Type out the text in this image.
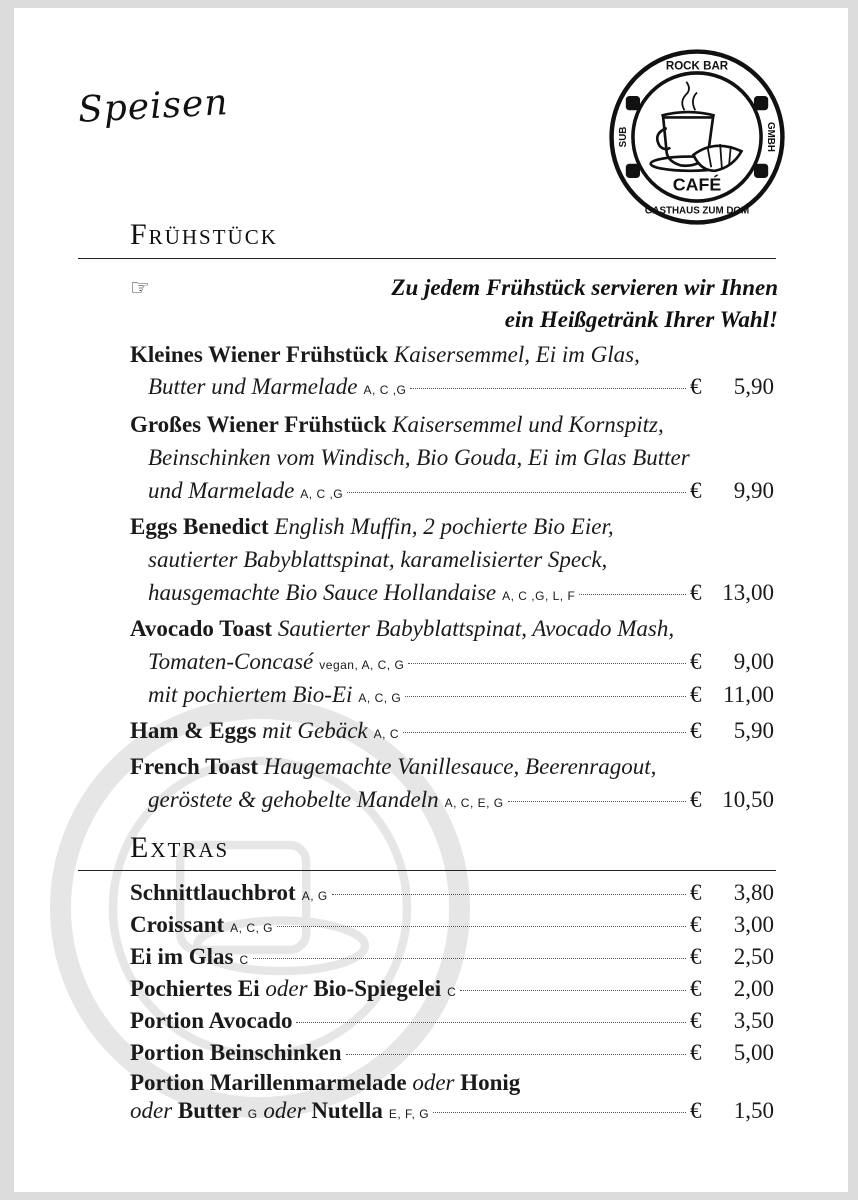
Speisen
ROCK BAR
SUB	GMBH
CAFÉ
GASTHAUS ZUM DOM
Frühstück
☞	Zu jedem Frühstück servieren wir Ihnen
ein Heißgetränk Ihrer Wahl!
Kleines Wiener Frühstück
Kaisersemmel, Ei im Glas,
Butter und Marmelade A, C ,G	€ 5,90
Großes Wiener Frühstück
Kaisersemmel und Kornspitz,
Beinschinken vom Windisch, Bio Gouda, Ei im Glas Butter
und Marmelade A, C ,G	€ 9,90
Eggs Benedict
English Muffin, 2 pochierte Bio Eier,
sautierter Babyblattspinat, karamelisierter Speck,
hausgemachte Bio Sauce Hollandaise A, C ,G, L, F	€ 13,00
Avocado Toast
Sautierter Babyblattspinat, Avocado Mash,
Tomaten-Concasé vegan, A, C, G	€ 9,00
mit pochiertem Bio-Ei A, C, G	€ 11,00
Ham & Eggs
mit Gebäck A, C	€ 5,90
French Toast
Haugemachte Vanillesauce, Beerenragout,
geröstete & gehobelte Mandeln A, C, E, G	€ 10,50
Extras
Schnittlauchbrot A, G	€ 3,80
Croissant A, C, G	€ 3,00
Ei im Glas C	€ 2,50
Pochiertes Ei
oder
Bio-Spiegelei C	€ 2,00
Portion Avocado	€ 3,50
Portion Beinschinken	€ 5,00
Portion Marillenmarmelade
oder
Honig
oder
Butter G
oder
Nutella E, F, G	€ 1,50
